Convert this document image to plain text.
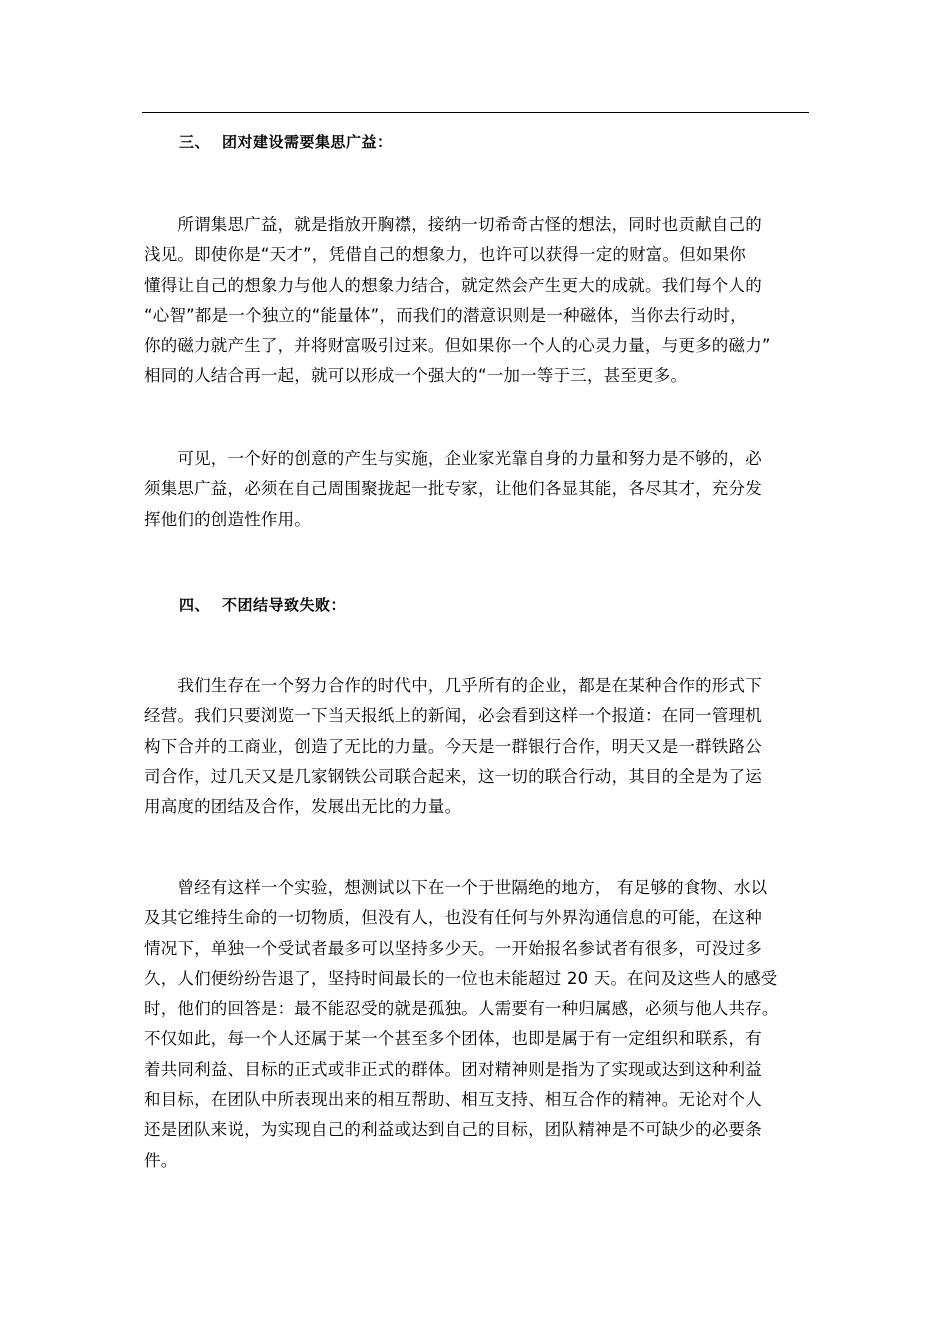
三、 团对建设需要集思广益：
　　所谓集思广益，就是指放开胸襟，接纳一切希奇古怪的想法，同时也贡献自己的
浅见。即使你是“天才”，凭借自己的想象力，也许可以获得一定的财富。但如果你
懂得让自己的想象力与他人的想象力结合，就定然会产生更大的成就。我们每个人的
“心智”都是一个独立的“能量体”，而我们的潜意识则是一种磁体，当你去行动时，
你的磁力就产生了，并将财富吸引过来。但如果你一个人的心灵力量，与更多的磁力”
相同的人结合再一起，就可以形成一个强大的“一加一等于三，甚至更多。
　　可见，一个好的创意的产生与实施，企业家光靠自身的力量和努力是不够的，必
须集思广益，必须在自己周围聚拢起一批专家，让他们各显其能，各尽其才，充分发
挥他们的创造性作用。
四、 不团结导致失败：
　　我们生存在一个努力合作的时代中，几乎所有的企业，都是在某种合作的形式下
经营。我们只要浏览一下当天报纸上的新闻，必会看到这样一个报道：在同一管理机
构下合并的工商业，创造了无比的力量。今天是一群银行合作，明天又是一群铁路公
司合作，过几天又是几家钢铁公司联合起来，这一切的联合行动，其目的全是为了运
用高度的团结及合作，发展出无比的力量。
　　曾经有这样一个实验，想测试以下在一个于世隔绝的地方， 有足够的食物、水以
及其它维持生命的一切物质，但没有人，也没有任何与外界沟通信息的可能，在这种
情况下，单独一个受试者最多可以坚持多少天。一开始报名参试者有很多，可没过多
久，人们便纷纷告退了，坚持时间最长的一位也未能超过 20 天。在问及这些人的感受
时，他们的回答是：最不能忍受的就是孤独。人需要有一种归属感，必须与他人共存。
不仅如此，每一个人还属于某一个甚至多个团体，也即是属于有一定组织和联系，有
着共同利益、目标的正式或非正式的群体。团对精神则是指为了实现或达到这种利益
和目标，在团队中所表现出来的相互帮助、相互支持、相互合作的精神。无论对个人
还是团队来说，为实现自己的利益或达到自己的目标，团队精神是不可缺少的必要条
件。
